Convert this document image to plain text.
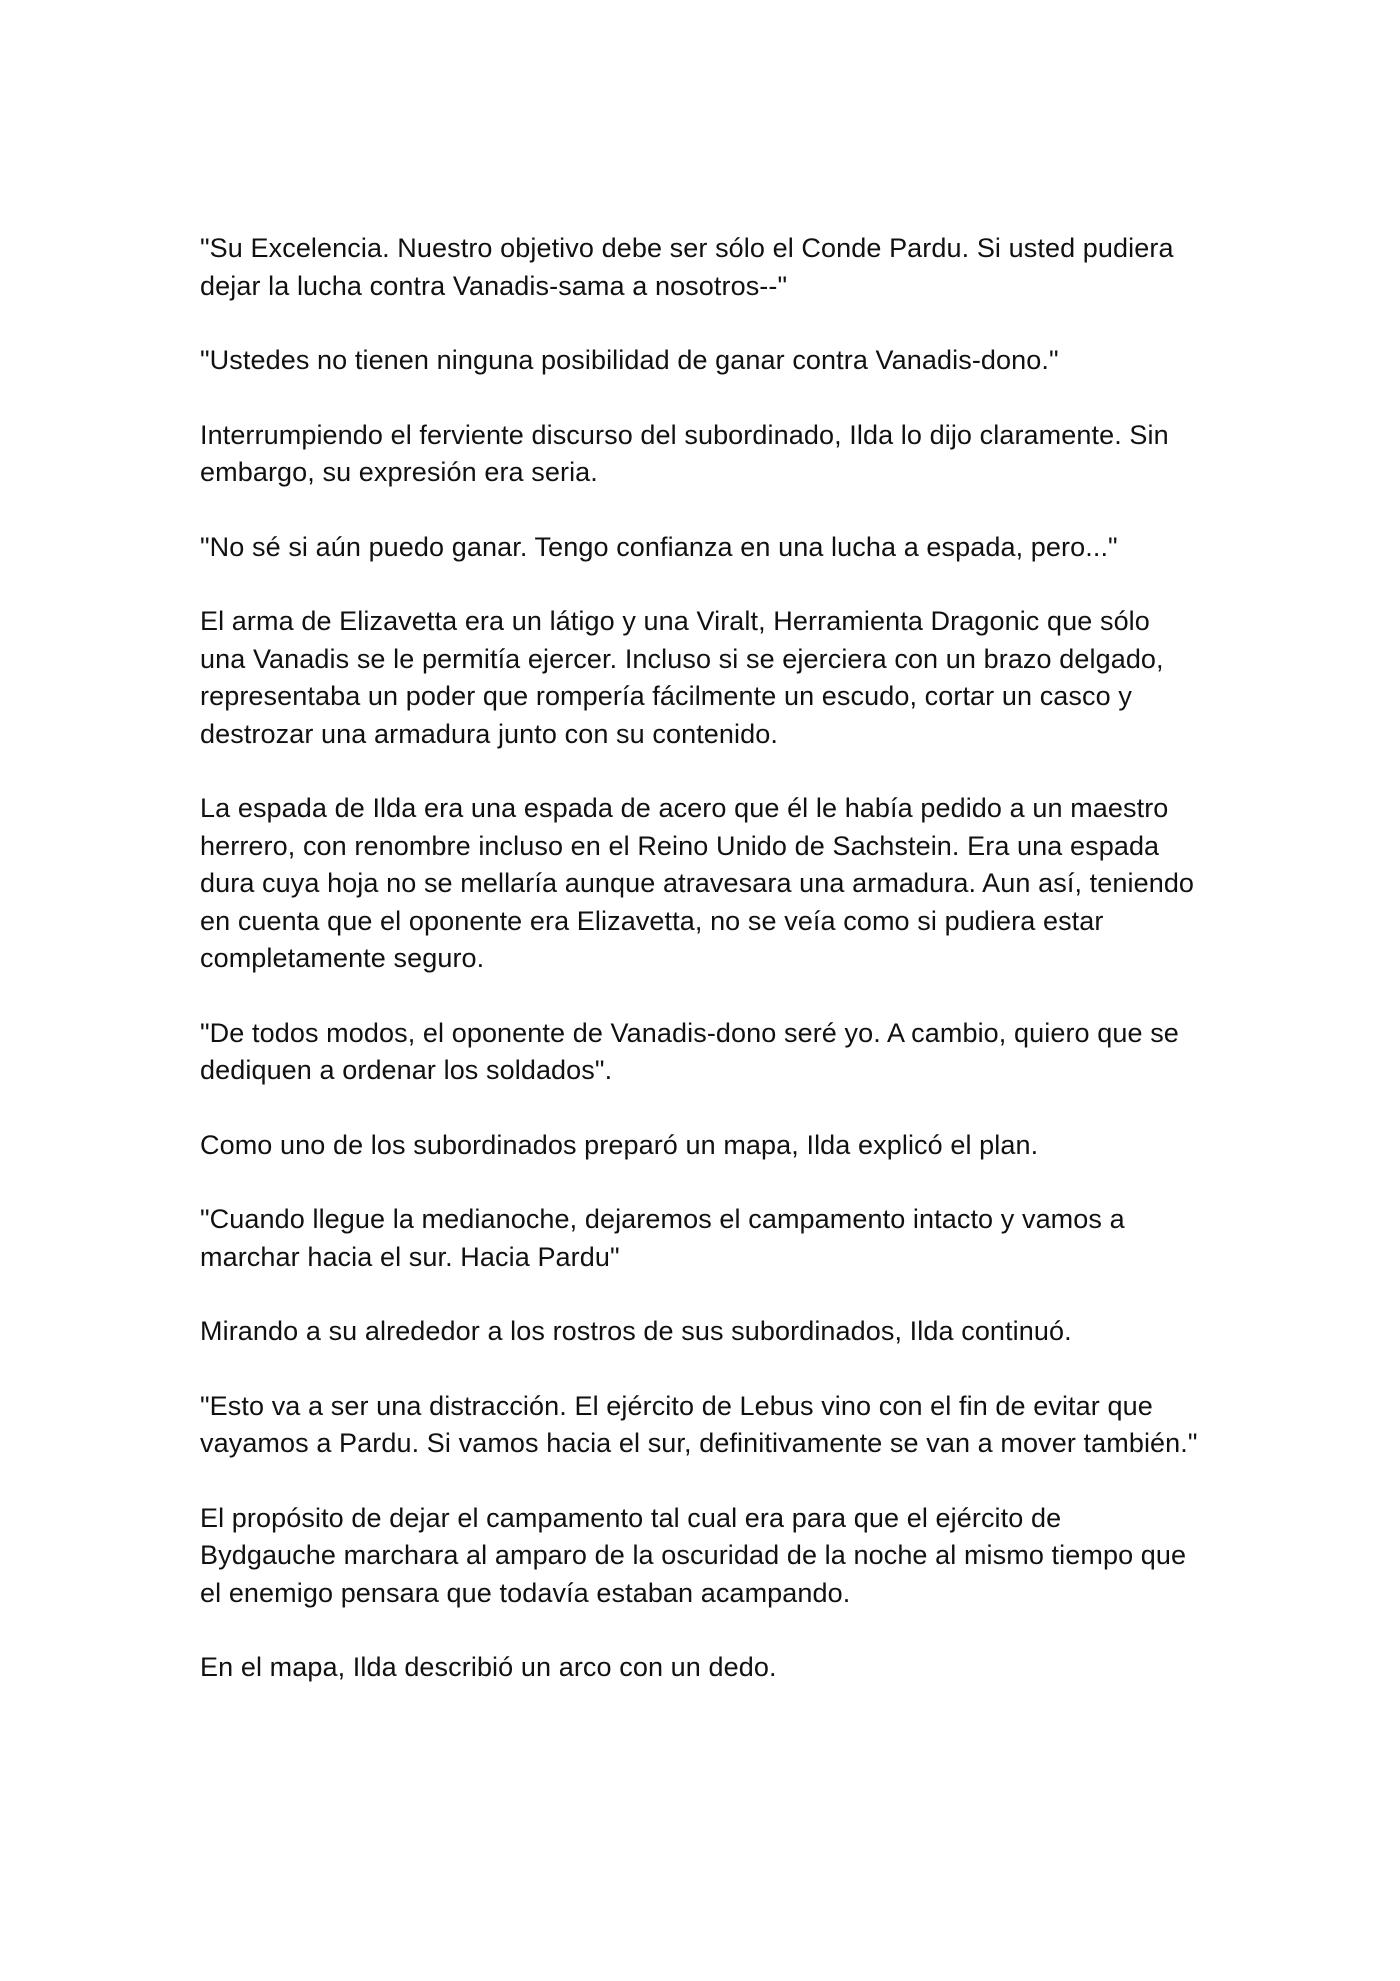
"Su Excelencia. Nuestro objetivo debe ser sólo el Conde Pardu. Si usted pudiera dejar la lucha contra Vanadis-sama a nosotros--"

"Ustedes no tienen ninguna posibilidad de ganar contra Vanadis-dono."

Interrumpiendo el ferviente discurso del subordinado, Ilda lo dijo claramente. Sin embargo, su expresión era seria.

"No sé si aún puedo ganar. Tengo confianza en una lucha a espada, pero..."

El arma de Elizavetta era un látigo y una Viralt, Herramienta Dragonic que sólo una Vanadis se le permitía ejercer. Incluso si se ejerciera con un brazo delgado, representaba un poder que rompería fácilmente un escudo, cortar un casco y destrozar una armadura junto con su contenido.

La espada de Ilda era una espada de acero que él le había pedido a un maestro herrero, con renombre incluso en el Reino Unido de Sachstein. Era una espada dura cuya hoja no se mellaría aunque atravesara una armadura. Aun así, teniendo en cuenta que el oponente era Elizavetta, no se veía como si pudiera estar completamente seguro.

"De todos modos, el oponente de Vanadis-dono seré yo. A cambio, quiero que se dediquen a ordenar los soldados".

Como uno de los subordinados preparó un mapa, Ilda explicó el plan.

"Cuando llegue la medianoche, dejaremos el campamento intacto y vamos a marchar hacia el sur. Hacia Pardu"

Mirando a su alrededor a los rostros de sus subordinados, Ilda continuó.

"Esto va a ser una distracción. El ejército de Lebus vino con el fin de evitar que vayamos a Pardu. Si vamos hacia el sur, definitivamente se van a mover también."

El propósito de dejar el campamento tal cual era para que el ejército de Bydgauche marchara al amparo de la oscuridad de la noche al mismo tiempo que el enemigo pensara que todavía estaban acampando.

En el mapa, Ilda describió un arco con un dedo.
